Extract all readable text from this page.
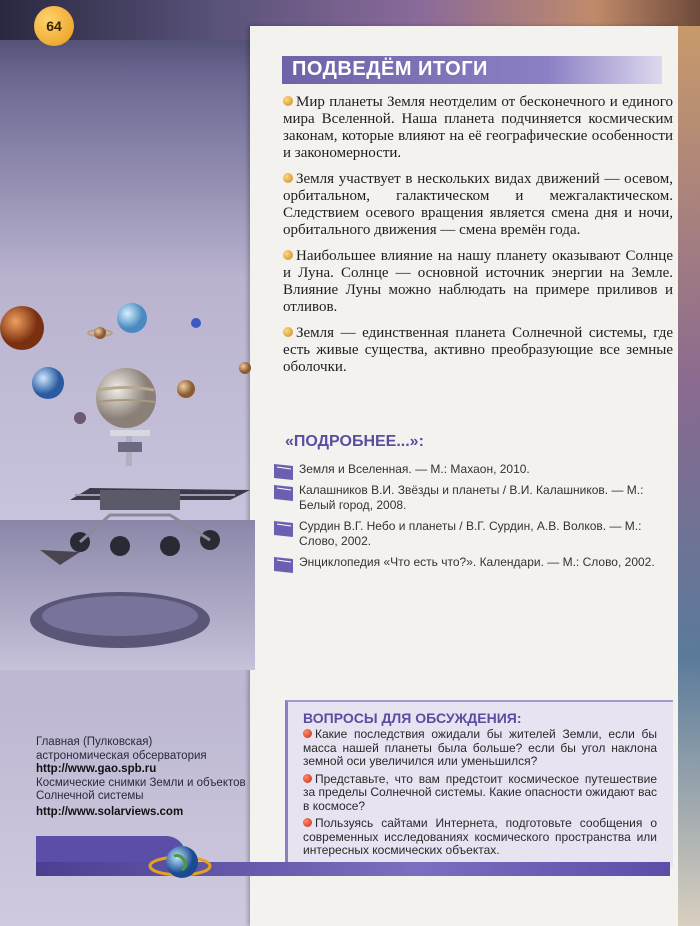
64
ПОДВЕДЁМ ИТОГИ

Мир планеты Земля неотделим от бесконечного и единого мира Вселенной. Наша планета подчиняется космическим законам, которые влияют на её географические особенности и закономерности.

Земля участвует в нескольких видах движений — осевом, орбитальном, галактическом и межгалактическом. Следствием осевого вращения является смена дня и ночи, орбитального движения — смена времён года.

Наибольшее влияние на нашу планету оказывают Солнце и Луна. Солнце — основной источник энергии на Земле. Влияние Луны можно наблюдать на примере приливов и отливов.

Земля — единственная планета Солнечной системы, где есть живые существа, активно преобразующие все земные оболочки.

«ПОДРОБНЕЕ...»:
Земля и Вселенная. — М.: Махаон, 2010.
Калашников В.И. Звёзды и планеты / В.И. Калашников. — М.: Белый город, 2008.
Сурдин В.Г. Небо и планеты / В.Г. Сурдин, А.В. Волков. — М.: Слово, 2002.
Энциклопедия «Что есть что?». Календари. — М.: Слово, 2002.
Главная (Пулковская) астрономическая обсерватория
http://www.gao.spb.ru
Космические снимки Земли и объектов Солнечной системы
http://www.solarviews.com
ВОПРОСЫ ДЛЯ ОБСУЖДЕНИЯ:

Какие последствия ожидали бы жителей Земли, если бы масса нашей планеты была больше? если бы угол наклона земной оси увеличился или уменьшился?

Представьте, что вам предстоит космическое путешествие за пределы Солнечной системы. Какие опасности ожидают вас в космосе?

Пользуясь сайтами Интернета, подготовьте сообщения о современных исследованиях космического пространства или интересных космических объектах.
